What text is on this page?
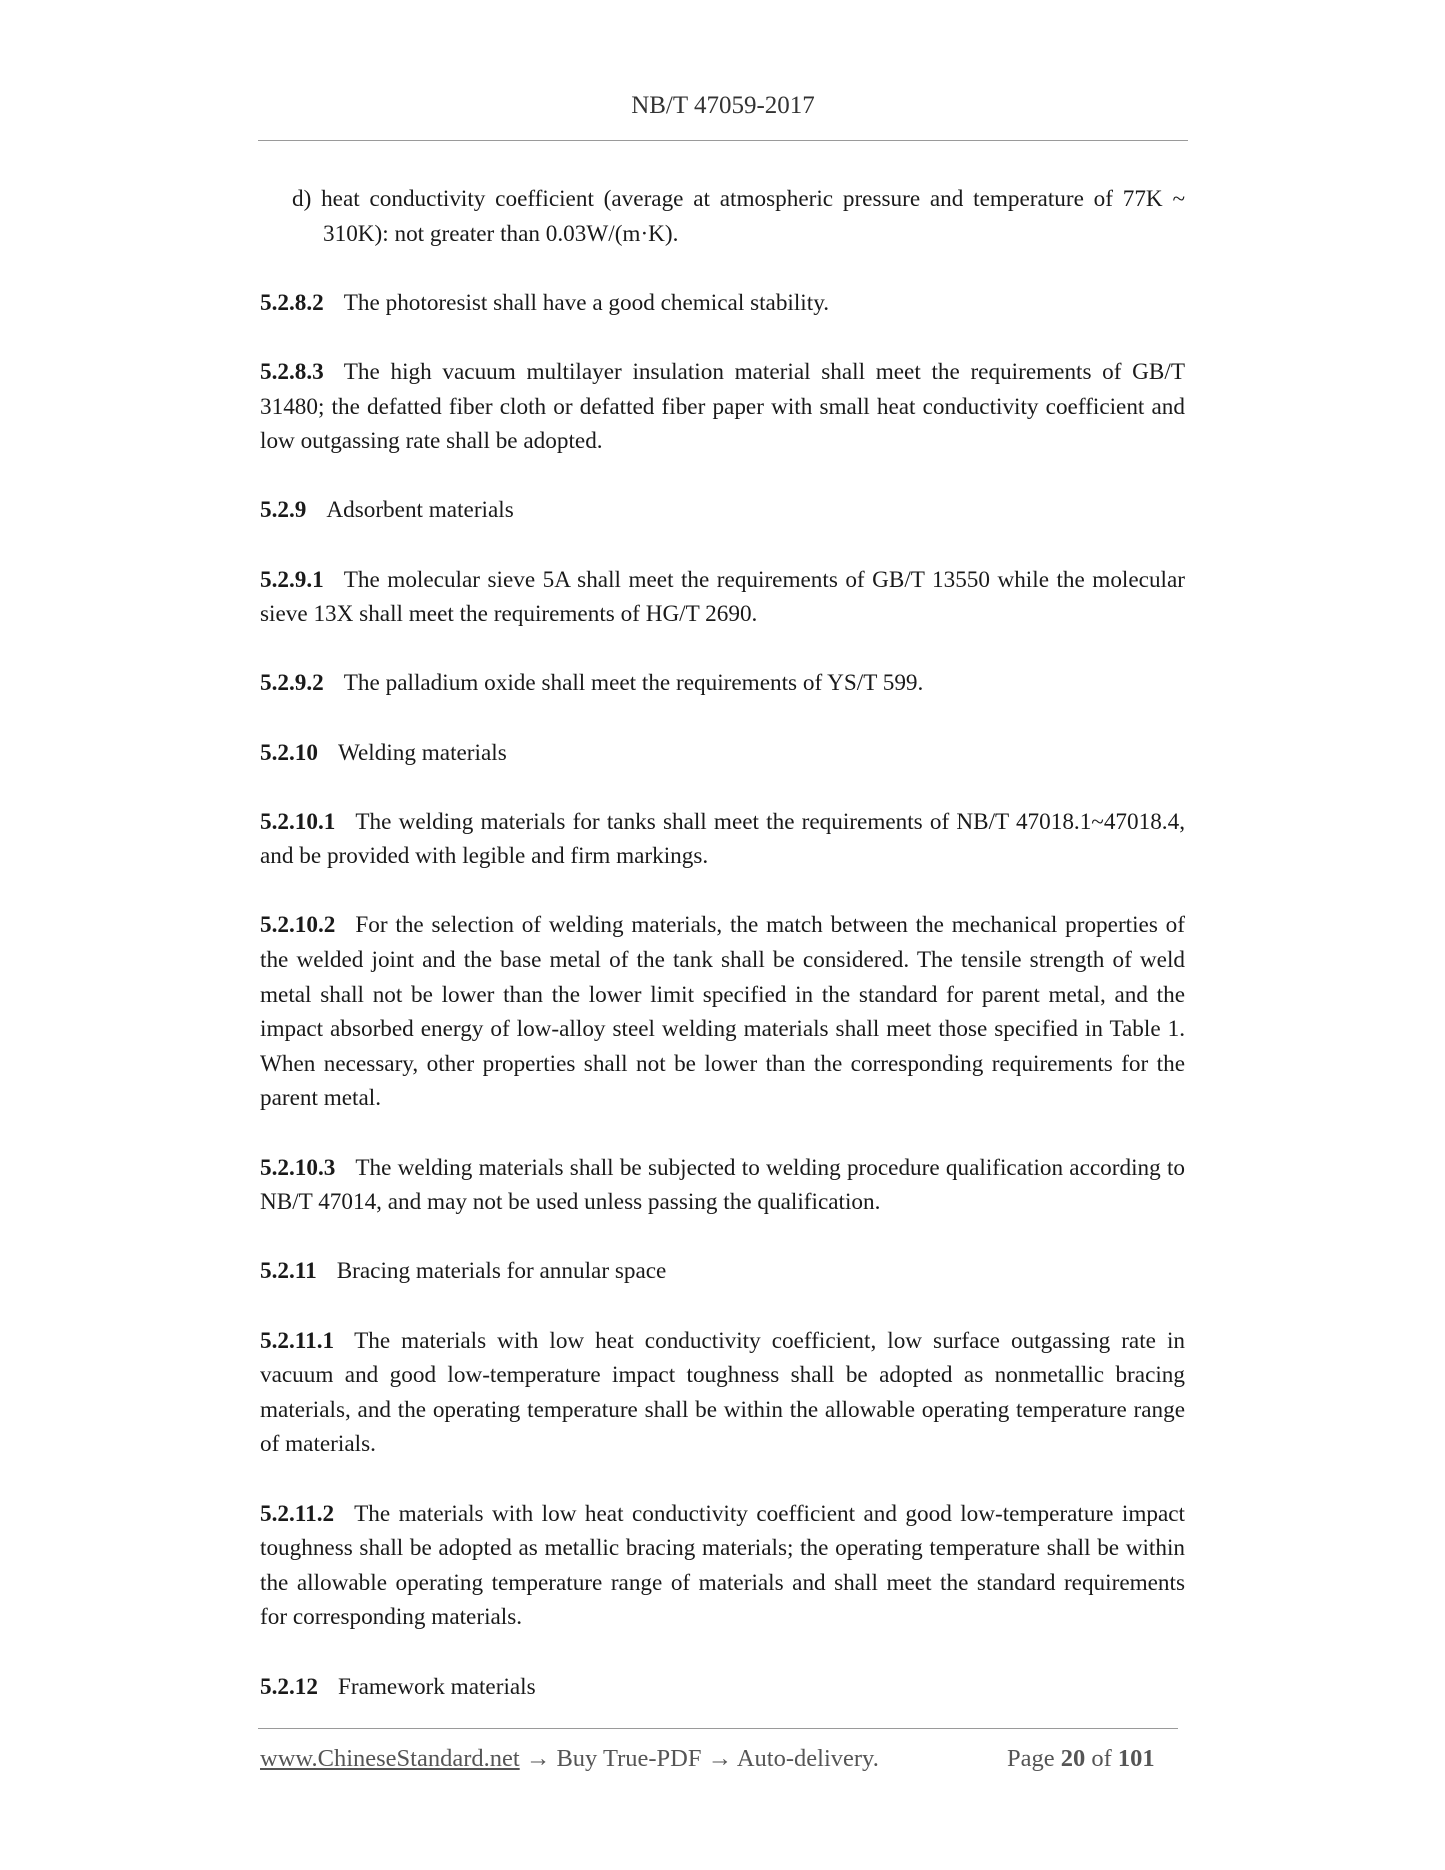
NB/T 47059-2017

d) heat conductivity coefficient (average at atmospheric pressure and temperature of 77K ~ 310K): not greater than 0.03W/(m·K).

5.2.8.2 The photoresist shall have a good chemical stability.

5.2.8.3 The high vacuum multilayer insulation material shall meet the requirements of GB/T 31480; the defatted fiber cloth or defatted fiber paper with small heat conductivity coefficient and low outgassing rate shall be adopted.

5.2.9 Adsorbent materials

5.2.9.1 The molecular sieve 5A shall meet the requirements of GB/T 13550 while the molecular sieve 13X shall meet the requirements of HG/T 2690.

5.2.9.2 The palladium oxide shall meet the requirements of YS/T 599.

5.2.10 Welding materials

5.2.10.1 The welding materials for tanks shall meet the requirements of NB/T 47018.1~47018.4, and be provided with legible and firm markings.

5.2.10.2 For the selection of welding materials, the match between the mechanical properties of the welded joint and the base metal of the tank shall be considered. The tensile strength of weld metal shall not be lower than the lower limit specified in the standard for parent metal, and the impact absorbed energy of low-alloy steel welding materials shall meet those specified in Table 1. When necessary, other properties shall not be lower than the corresponding requirements for the parent metal.

5.2.10.3 The welding materials shall be subjected to welding procedure qualification according to NB/T 47014, and may not be used unless passing the qualification.

5.2.11 Bracing materials for annular space

5.2.11.1 The materials with low heat conductivity coefficient, low surface outgassing rate in vacuum and good low-temperature impact toughness shall be adopted as nonmetallic bracing materials, and the operating temperature shall be within the allowable operating temperature range of materials.

5.2.11.2 The materials with low heat conductivity coefficient and good low-temperature impact toughness shall be adopted as metallic bracing materials; the operating temperature shall be within the allowable operating temperature range of materials and shall meet the standard requirements for corresponding materials.

5.2.12 Framework materials

www.ChineseStandard.net → Buy True-PDF → Auto-delivery.	Page 20 of 101
